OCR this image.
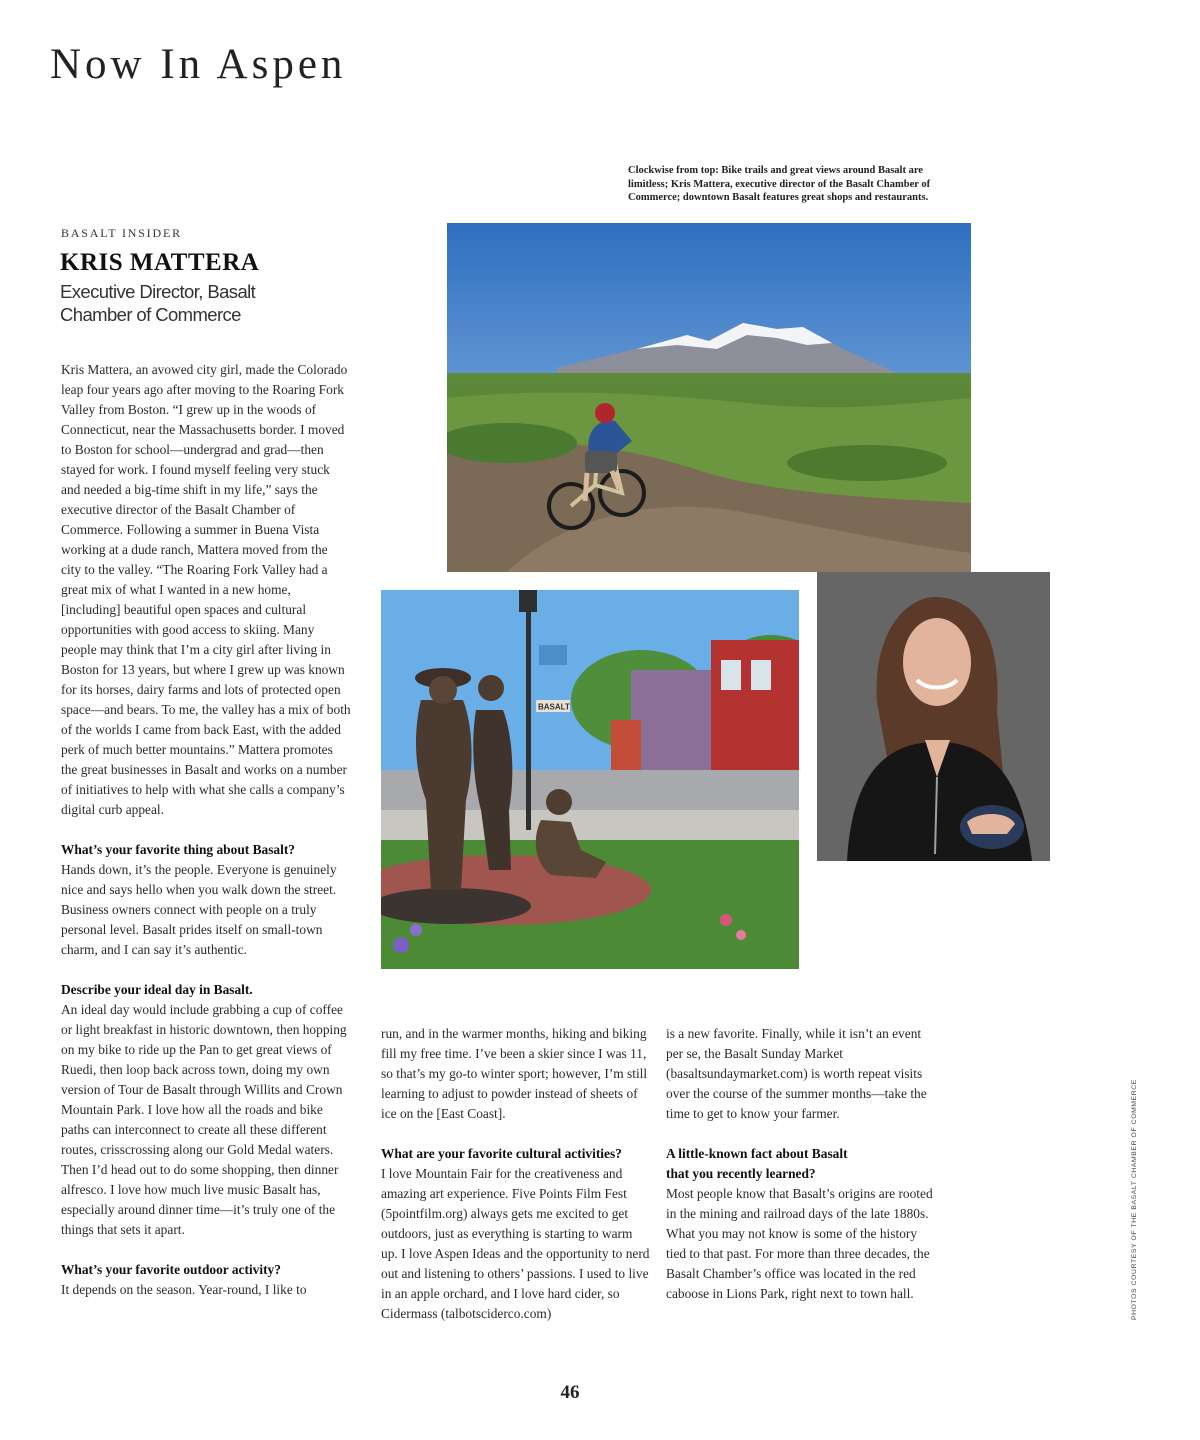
Now In Aspen
Clockwise from top: Bike trails and great views around Basalt are limitless; Kris Mattera, executive director of the Basalt Chamber of Commerce; downtown Basalt features great shops and restaurants.
BASALT
BASALT INSIDER
KRIS MATTERA
Executive Director, Basalt Chamber of Commerce

Kris Mattera, an avowed city girl, made the Colorado leap four years ago after moving to the Roaring Fork Valley from Boston. “I grew up in the woods of Connecticut, near the Massachusetts border. I moved to Boston for school—undergrad and grad—then stayed for work. I found myself feeling very stuck and needed a big-time shift in my life,” says the executive director of the Basalt Chamber of Commerce. Following a summer in Buena Vista working at a dude ranch, Mattera moved from the city to the valley. “The Roaring Fork Valley had a great mix of what I wanted in a new home, [including] beautiful open spaces and cultural opportunities with good access to skiing. Many people may think that I’m a city girl after living in Boston for 13 years, but where I grew up was known for its horses, dairy farms and lots of protected open space—and bears. To me, the valley has a mix of both of the worlds I came from back East, with the added perk of much better mountains.” Mattera promotes the great businesses in Basalt and works on a number of initiatives to help with what she calls a company’s digital curb appeal.

What’s your favorite thing about Basalt?

Hands down, it’s the people. Everyone is genuinely nice and says hello when you walk down the street. Business owners connect with people on a truly personal level. Basalt prides itself on small-town charm, and I can say it’s authentic.

Describe your ideal day in Basalt.

An ideal day would include grabbing a cup of coffee or light breakfast in historic downtown, then hopping on my bike to ride up the Pan to get great views of Ruedi, then loop back across town, doing my own version of Tour de Basalt through Willits and Crown Mountain Park. I love how all the roads and bike paths can interconnect to create all these different routes, crisscrossing along our Gold Medal waters. Then I’d head out to do some shopping, then dinner alfresco. I love how much live music Basalt has, especially around dinner time—it’s truly one of the things that sets it apart.

What’s your favorite outdoor activity?

It depends on the season. Year-round, I like to

run, and in the warmer months, hiking and biking fill my free time. I’ve been a skier since I was 11, so that’s my go-to winter sport; however, I’m still learning to adjust to powder instead of sheets of ice on the [East Coast].

What are your favorite cultural activities?

I love Mountain Fair for the creativeness and amazing art experience. Five Points Film Fest (5pointfilm.org) always gets me excited to get outdoors, just as everything is starting to warm up. I love Aspen Ideas and the opportunity to nerd out and listening to others’ passions. I used to live in an apple orchard, and I love hard cider, so Cidermass (talbotsciderco.com)

is a new favorite. Finally, while it isn’t an event per se, the Basalt Sunday Market (basaltsundaymarket.com) is worth repeat visits over the course of the summer months—take the time to get to know your farmer.

A little-known fact about Basalt that you recently learned?

Most people know that Basalt’s origins are rooted in the mining and railroad days of the late 1880s. What you may not know is some of the history tied to that past. For more than three decades, the Basalt Chamber’s office was located in the red caboose in Lions Park, right next to town hall.	PHOTOS COURTESY OF THE BASALT CHAMBER OF COMMERCE
46
